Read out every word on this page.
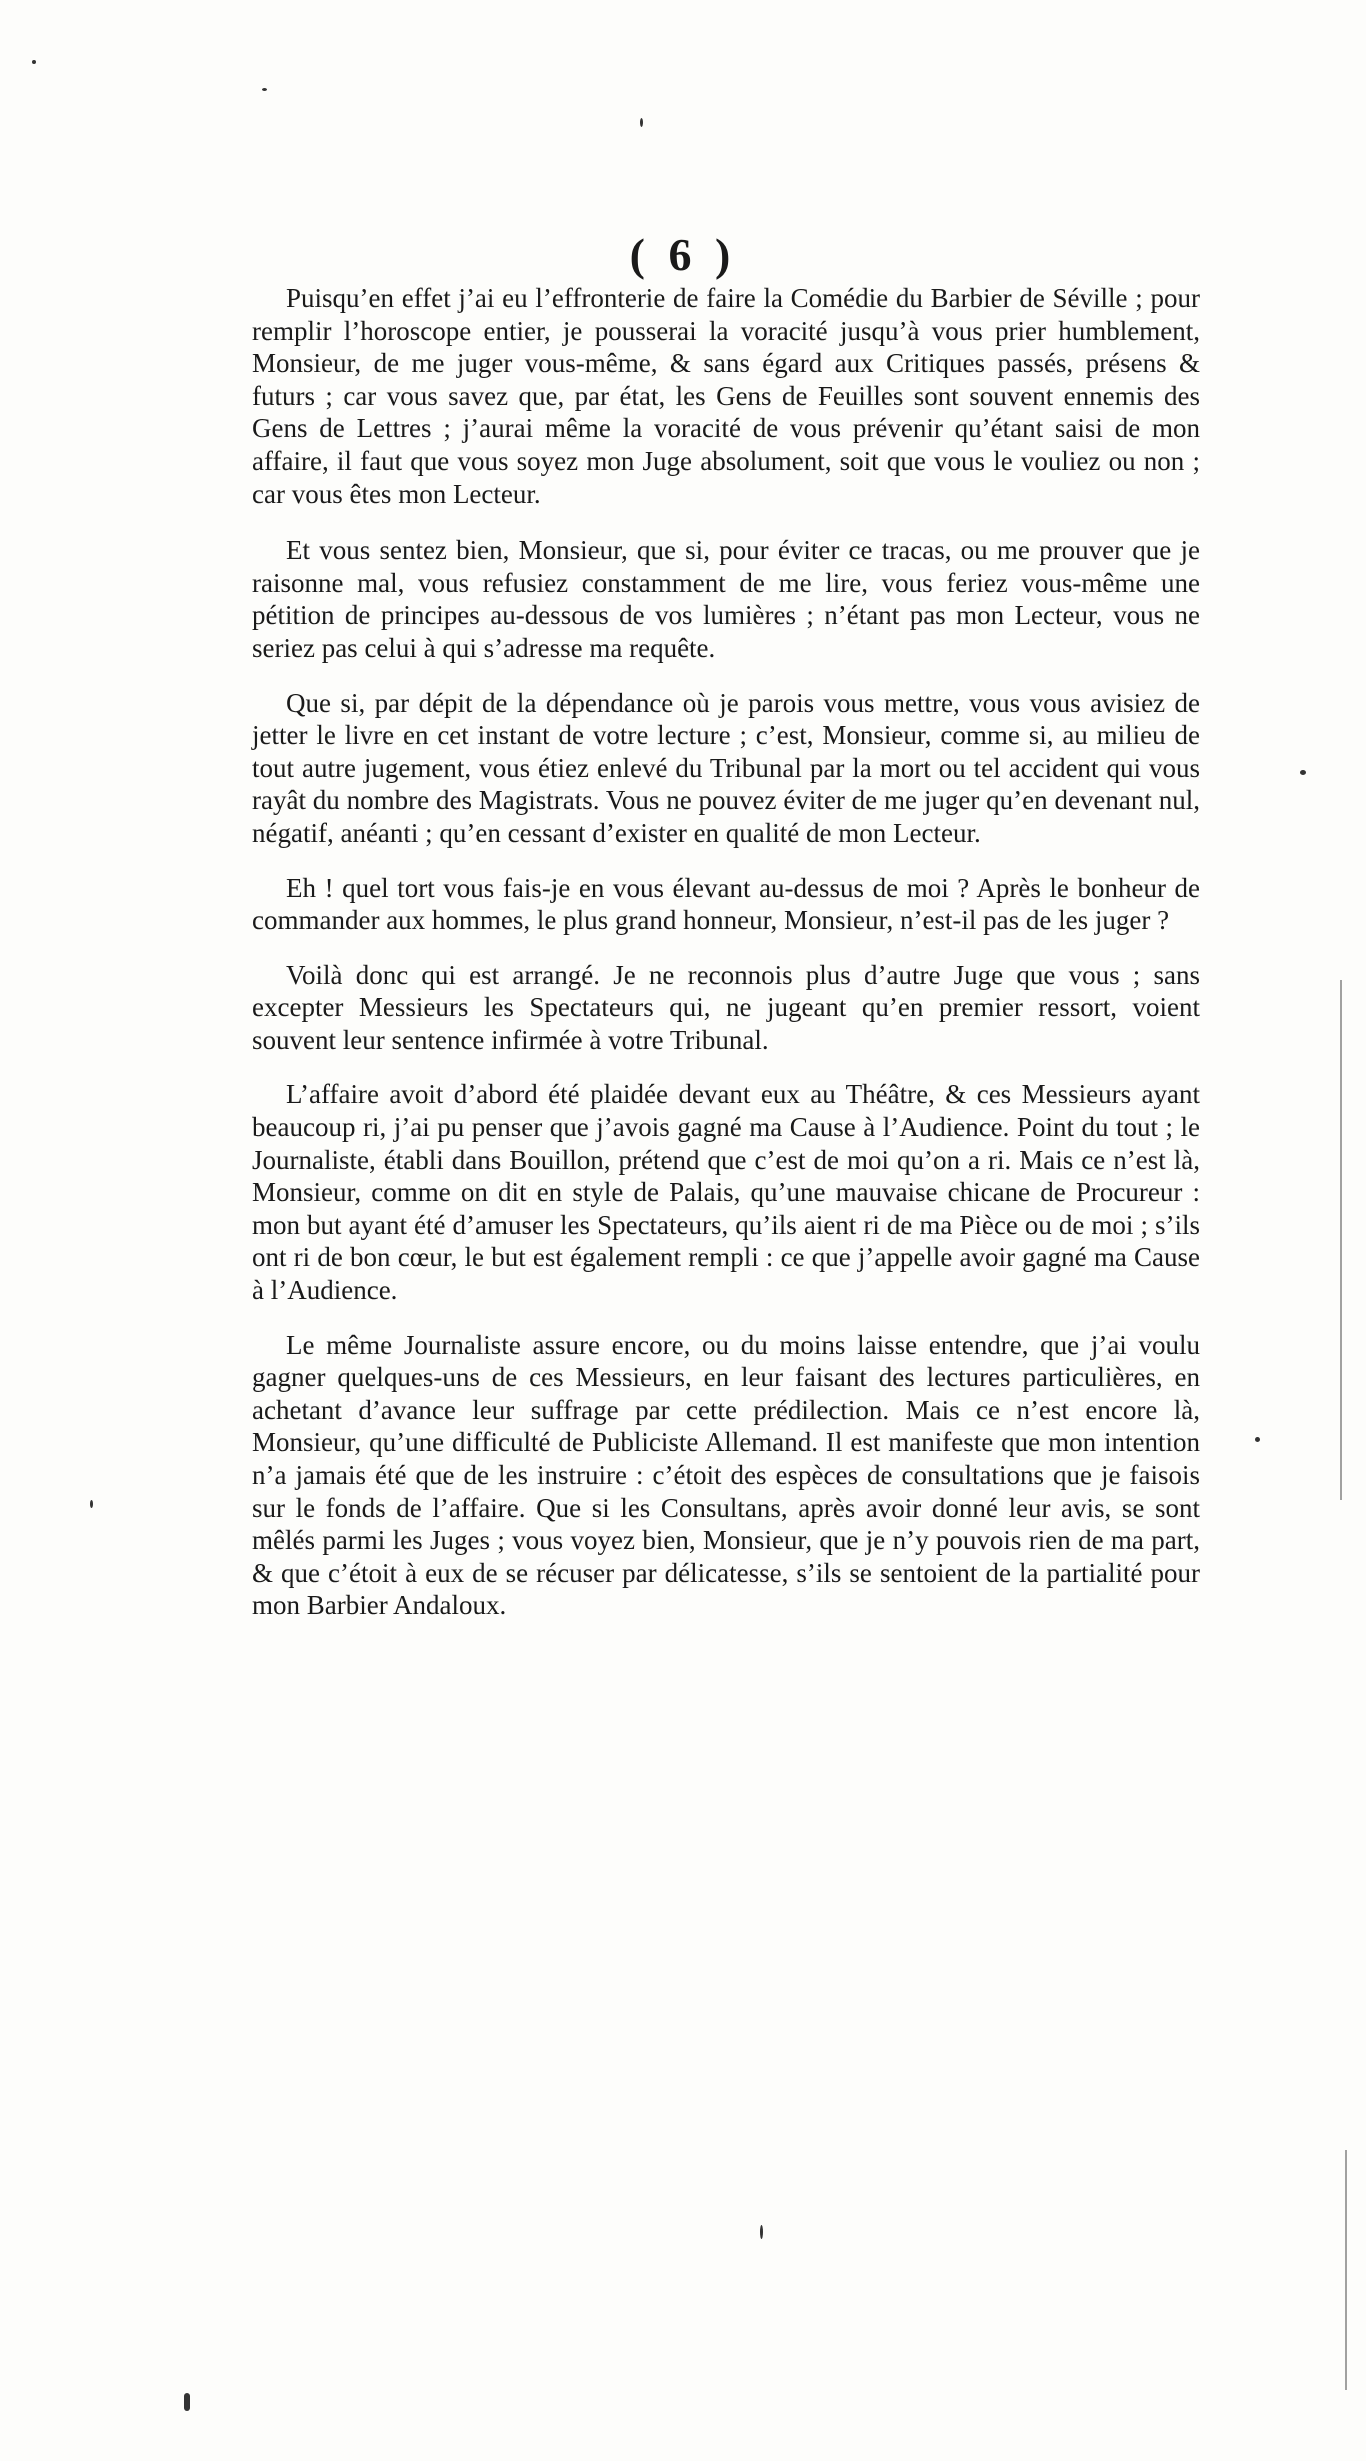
( 6 )

Puisqu’en effet j’ai eu l’effronterie de faire la Comédie du Barbier de Séville ; pour remplir l’horoscope entier, je pousserai la voracité jusqu’à vous prier humblement, Monsieur, de me juger vous-même, & sans égard aux Critiques passés, présens & futurs ; car vous savez que, par état, les Gens de Feuilles sont souvent ennemis des Gens de Lettres ; j’aurai même la voracité de vous prévenir qu’étant saisi de mon affaire, il faut que vous soyez mon Juge absolument, soit que vous le vouliez ou non ; car vous êtes mon Lecteur.

Et vous sentez bien, Monsieur, que si, pour éviter ce tracas, ou me prouver que je raisonne mal, vous refusiez constamment de me lire, vous feriez vous-même une pétition de principes au-dessous de vos lumières ; n’étant pas mon Lecteur, vous ne seriez pas celui à qui s’adresse ma requête.

Que si, par dépit de la dépendance où je parois vous mettre, vous vous avisiez de jetter le livre en cet instant de votre lecture ; c’est, Monsieur, comme si, au milieu de tout autre jugement, vous étiez enlevé du Tribunal par la mort ou tel accident qui vous rayât du nombre des Magistrats. Vous ne pouvez éviter de me juger qu’en devenant nul, négatif, anéanti ; qu’en cessant d’exister en qualité de mon Lecteur.

Eh ! quel tort vous fais-je en vous élevant au-dessus de moi ? Après le bonheur de commander aux hommes, le plus grand honneur, Monsieur, n’est-il pas de les juger ?

Voilà donc qui est arrangé. Je ne reconnois plus d’autre Juge que vous ; sans excepter Messieurs les Spectateurs qui, ne jugeant qu’en premier ressort, voient souvent leur sentence infirmée à votre Tribunal.

L’affaire avoit d’abord été plaidée devant eux au Théâtre, & ces Messieurs ayant beaucoup ri, j’ai pu penser que j’avois gagné ma Cause à l’Audience. Point du tout ; le Journaliste, établi dans Bouillon, prétend que c’est de moi qu’on a ri. Mais ce n’est là, Monsieur, comme on dit en style de Palais, qu’une mauvaise chicane de Procureur : mon but ayant été d’amuser les Spectateurs, qu’ils aient ri de ma Pièce ou de moi ; s’ils ont ri de bon cœur, le but est également rempli : ce que j’appelle avoir gagné ma Cause à l’Audience.

Le même Journaliste assure encore, ou du moins laisse entendre, que j’ai voulu gagner quelques-uns de ces Messieurs, en leur faisant des lectures particulières, en achetant d’avance leur suffrage par cette prédilection. Mais ce n’est encore là, Monsieur, qu’une difficulté de Publiciste Allemand. Il est manifeste que mon intention n’a jamais été que de les instruire : c’étoit des espèces de consultations que je faisois sur le fonds de l’affaire. Que si les Consultans, après avoir donné leur avis, se sont mêlés parmi les Juges ; vous voyez bien, Monsieur, que je n’y pouvois rien de ma part, & que c’étoit à eux de se récuser par délicatesse, s’ils se sentoient de la partialité pour mon Barbier Andaloux.
